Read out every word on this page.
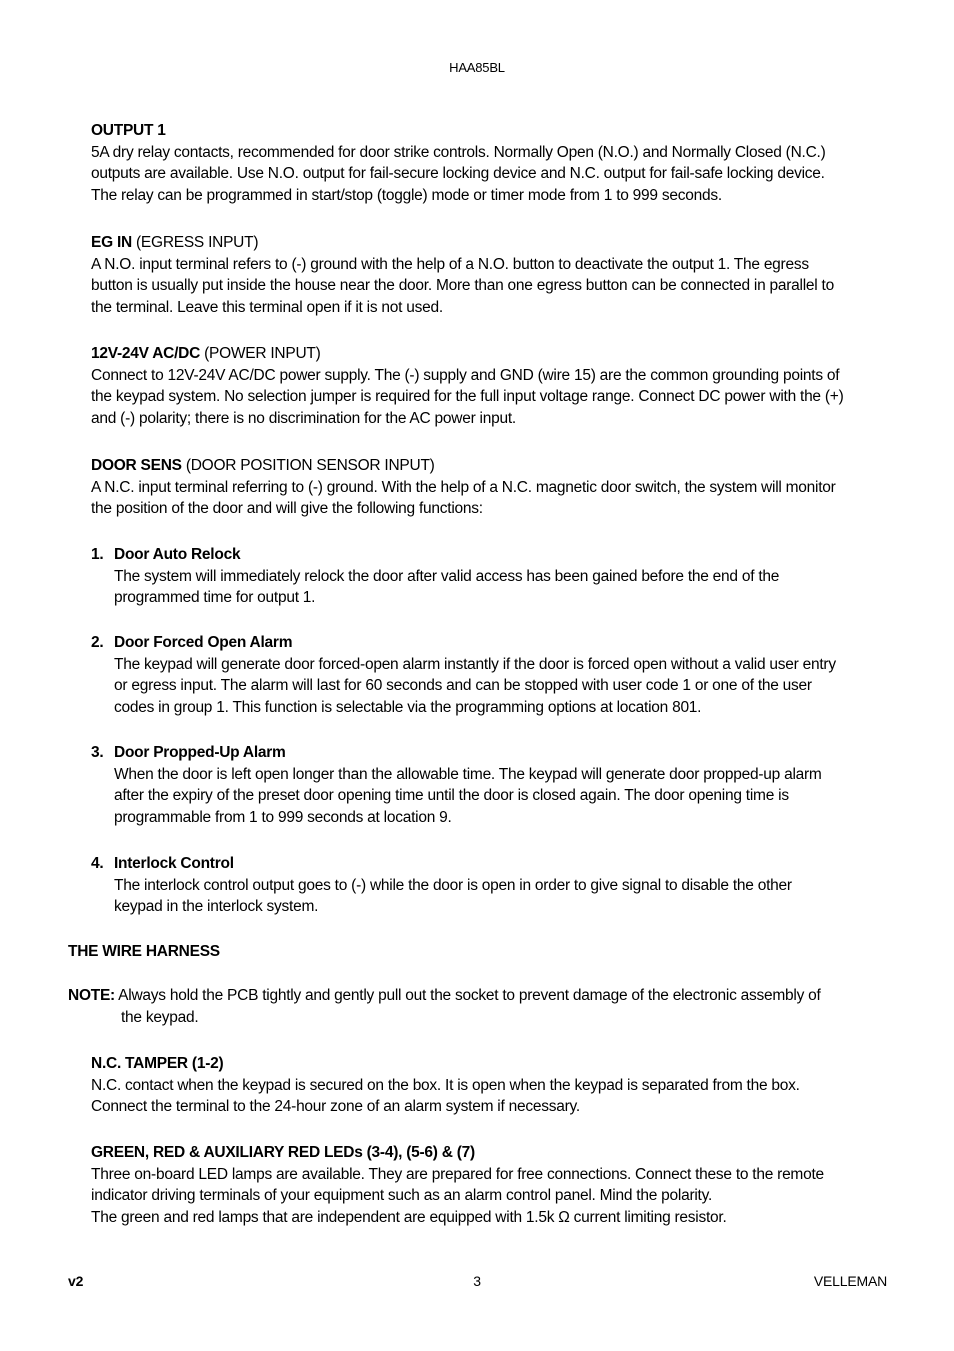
HAA85BL
OUTPUT 1
5A dry relay contacts, recommended for door strike controls. Normally Open (N.O.) and Normally Closed (N.C.)
outputs are available. Use N.O. output for fail-secure locking device and N.C. output for fail-safe locking device.
The relay can be programmed in start/stop (toggle) mode or timer mode from 1 to 999 seconds.
EG IN (EGRESS INPUT)
A N.O. input terminal refers to (-) ground with the help of a N.O. button to deactivate the output 1. The egress
button is usually put inside the house near the door. More than one egress button can be connected in parallel to
the terminal. Leave this terminal open if it is not used.
12V-24V AC/DC (POWER INPUT)
Connect to 12V-24V AC/DC power supply. The (-) supply and GND (wire 15) are the common grounding points of
the keypad system. No selection jumper is required for the full input voltage range. Connect DC power with the (+)
and (-) polarity; there is no discrimination for the AC power input.
DOOR SENS (DOOR POSITION SENSOR INPUT)
A N.C. input terminal referring to (-) ground. With the help of a N.C. magnetic door switch, the system will monitor
the position of the door and will give the following functions:
1. Door Auto Relock
The system will immediately relock the door after valid access has been gained before the end of the
programmed time for output 1.
2. Door Forced Open Alarm
The keypad will generate door forced-open alarm instantly if the door is forced open without a valid user entry
or egress input. The alarm will last for 60 seconds and can be stopped with user code 1 or one of the user
codes in group 1. This function is selectable via the programming options at location 801.
3. Door Propped-Up Alarm
When the door is left open longer than the allowable time. The keypad will generate door propped-up alarm
after the expiry of the preset door opening time until the door is closed again. The door opening time is
programmable from 1 to 999 seconds at location 9.
4. Interlock Control
The interlock control output goes to (-) while the door is open in order to give signal to disable the other
keypad in the interlock system.
THE WIRE HARNESS
NOTE: Always hold the PCB tightly and gently pull out the socket to prevent damage of the electronic assembly of
the keypad.
N.C. TAMPER (1-2)
N.C. contact when the keypad is secured on the box. It is open when the keypad is separated from the box.
Connect the terminal to the 24-hour zone of an alarm system if necessary.
GREEN, RED & AUXILIARY RED LEDs (3-4), (5-6) & (7)
Three on-board LED lamps are available. They are prepared for free connections. Connect these to the remote
indicator driving terminals of your equipment such as an alarm control panel. Mind the polarity.
The green and red lamps that are independent are equipped with 1.5k Ω current limiting resistor.
v2	3	VELLEMAN
